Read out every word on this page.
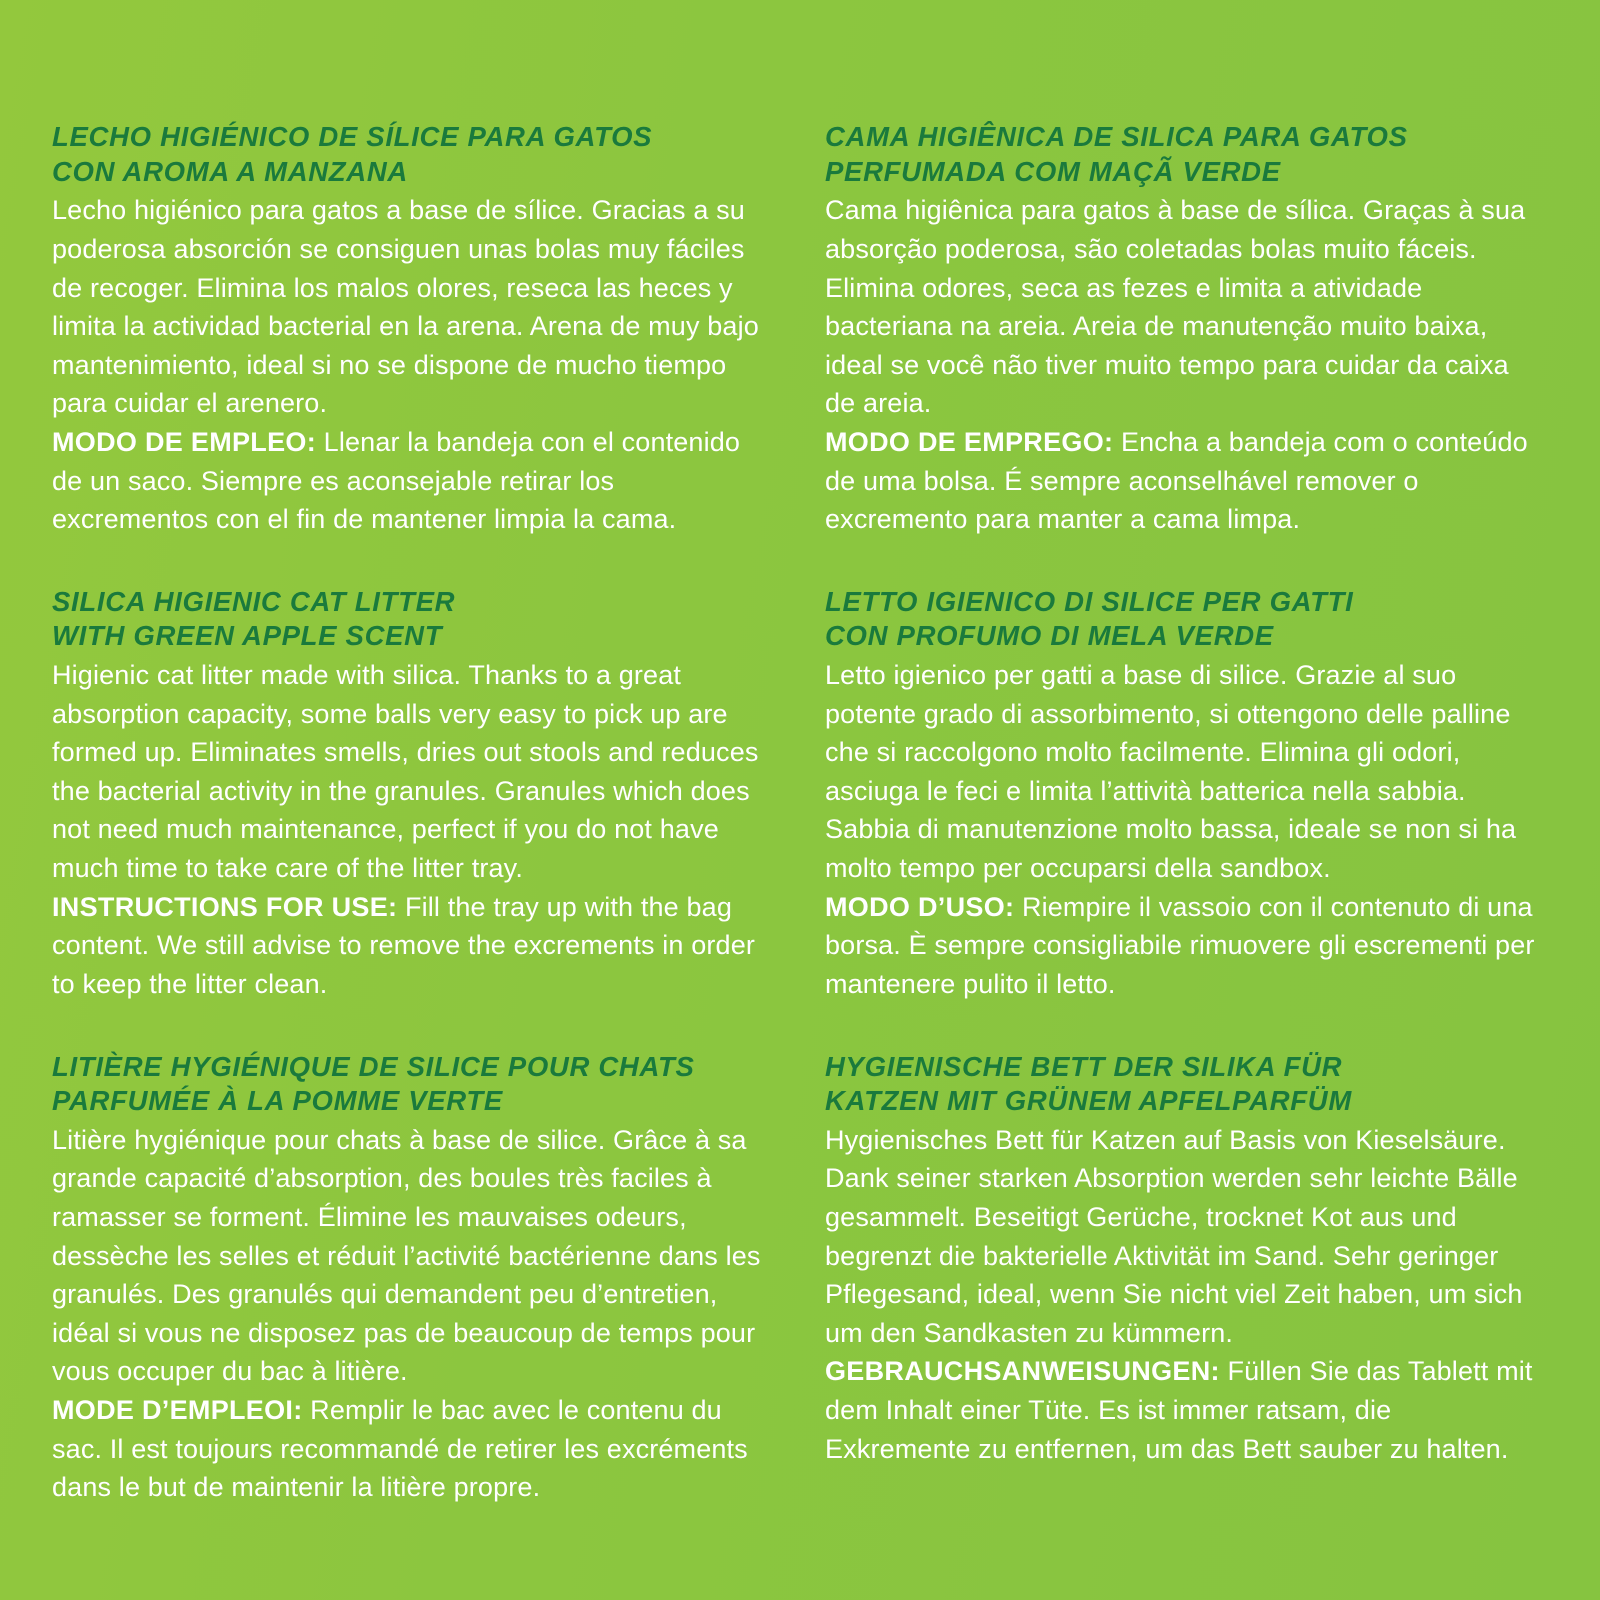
LECHO HIGIÉNICO DE SÍLICE PARA GATOS
CON AROMA A MANZANA

Lecho higiénico para gatos a base de sílice. Gracias a su poderosa absorción se consiguen unas bolas muy fáciles de recoger. Elimina los malos olores, reseca las heces y limita la actividad bacterial en la arena. Arena de muy bajo mantenimiento, ideal si no se dispone de mucho tiempo para cuidar el arenero.

MODO DE EMPLEO: Llenar la bandeja con el contenido de un saco. Siempre es aconsejable retirar los excrementos con el fin de mantener limpia la cama.

SILICA HIGIENIC CAT LITTER
WITH GREEN APPLE SCENT

Higienic cat litter made with silica. Thanks to a great absorption capacity, some balls very easy to pick up are formed up. Eliminates smells, dries out stools and reduces the bacterial activity in the granules. Granules which does not need much maintenance, perfect if you do not have much time to take care of the litter tray.

INSTRUCTIONS FOR USE: Fill the tray up with the bag content. We still advise to remove the excrements in order to keep the litter clean.

LITIÈRE HYGIÉNIQUE DE SILICE POUR CHATS
PARFUMÉE À LA POMME VERTE

Litière hygiénique pour chats à base de silice. Grâce à sa grande capacité d’absorption, des boules très faciles à ramasser se forment. Élimine les mauvaises odeurs, dessèche les selles et réduit l’activité bactérienne dans les granulés. Des granulés qui demandent peu d’entretien, idéal si vous ne disposez pas de beaucoup de temps pour vous occuper du bac à litière.

MODE D’EMPLEOI: Remplir le bac avec le contenu du sac. Il est toujours recommandé de retirer les excréments dans le but de maintenir la litière propre.

CAMA HIGIÊNICA DE SILICA PARA GATOS
PERFUMADA COM MAÇÃ VERDE

Cama higiênica para gatos à base de sílica. Graças à sua absorção poderosa, são coletadas bolas muito fáceis. Elimina odores, seca as fezes e limita a atividade bacteriana na areia. Areia de manutenção muito baixa, ideal se você não tiver muito tempo para cuidar da caixa de areia.

MODO DE EMPREGO: Encha a bandeja com o conteúdo de uma bolsa. É sempre aconselhável remover o excremento para manter a cama limpa.

LETTO IGIENICO DI SILICE PER GATTI
CON PROFUMO DI MELA VERDE

Letto igienico per gatti a base di silice. Grazie al suo potente grado di assorbimento, si ottengono delle palline che si raccolgono molto facilmente. Elimina gli odori, asciuga le feci e limita l’attività batterica nella sabbia. Sabbia di manutenzione molto bassa, ideale se non si ha molto tempo per occuparsi della sandbox.

MODO D’USO: Riempire il vassoio con il contenuto di una borsa. È sempre consigliabile rimuovere gli escrementi per mantenere pulito il letto.

HYGIENISCHE BETT DER SILIKA FÜR
KATZEN MIT GRÜNEM APFELPARFÜM

Hygienisches Bett für Katzen auf Basis von Kieselsäure. Dank seiner starken Absorption werden sehr leichte Bälle gesammelt. Beseitigt Gerüche, trocknet Kot aus und begrenzt die bakterielle Aktivität im Sand. Sehr geringer Pflegesand, ideal, wenn Sie nicht viel Zeit haben, um sich um den Sandkasten zu kümmern.

GEBRAUCHSANWEISUNGEN: Füllen Sie das Tablett mit dem Inhalt einer Tüte. Es ist immer ratsam, die Exkremente zu entfernen, um das Bett sauber zu halten.
